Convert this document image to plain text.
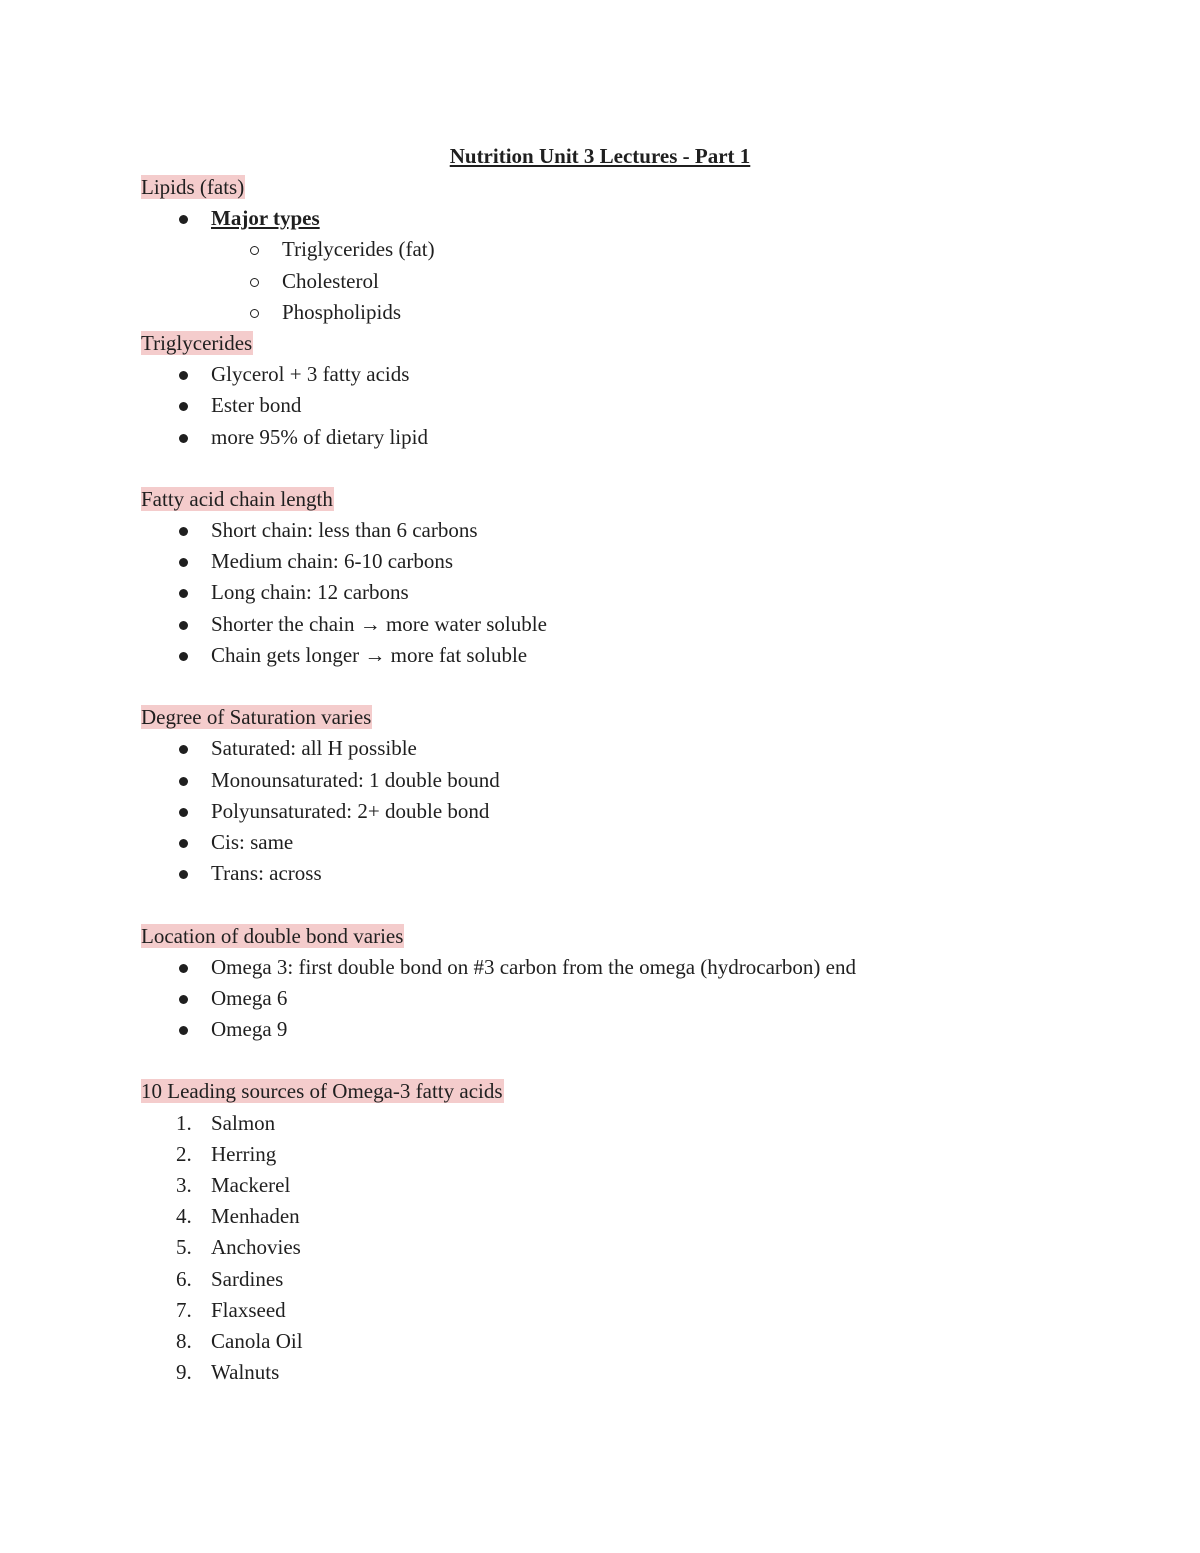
Nutrition Unit 3 Lectures - Part 1
Lipids (fats)
Major types
Triglycerides (fat)
Cholesterol
Phospholipids
Triglycerides
Glycerol + 3 fatty acids
Ester bond
more 95% of dietary lipid
Fatty acid chain length
Short chain: less than 6 carbons
Medium chain: 6-10 carbons
Long chain: 12 carbons
Shorter the chain → more water soluble
Chain gets longer → more fat soluble
Degree of Saturation varies
Saturated: all H possible
Monounsaturated: 1 double bound
Polyunsaturated: 2+ double bond
Cis: same
Trans: across
Location of double bond varies
Omega 3: first double bond on #3 carbon from the omega (hydrocarbon) end
Omega 6
Omega 9
10 Leading sources of Omega-3 fatty acids
1. Salmon
2. Herring
3. Mackerel
4. Menhaden
5. Anchovies
6. Sardines
7. Flaxseed
8. Canola Oil
9. Walnuts
